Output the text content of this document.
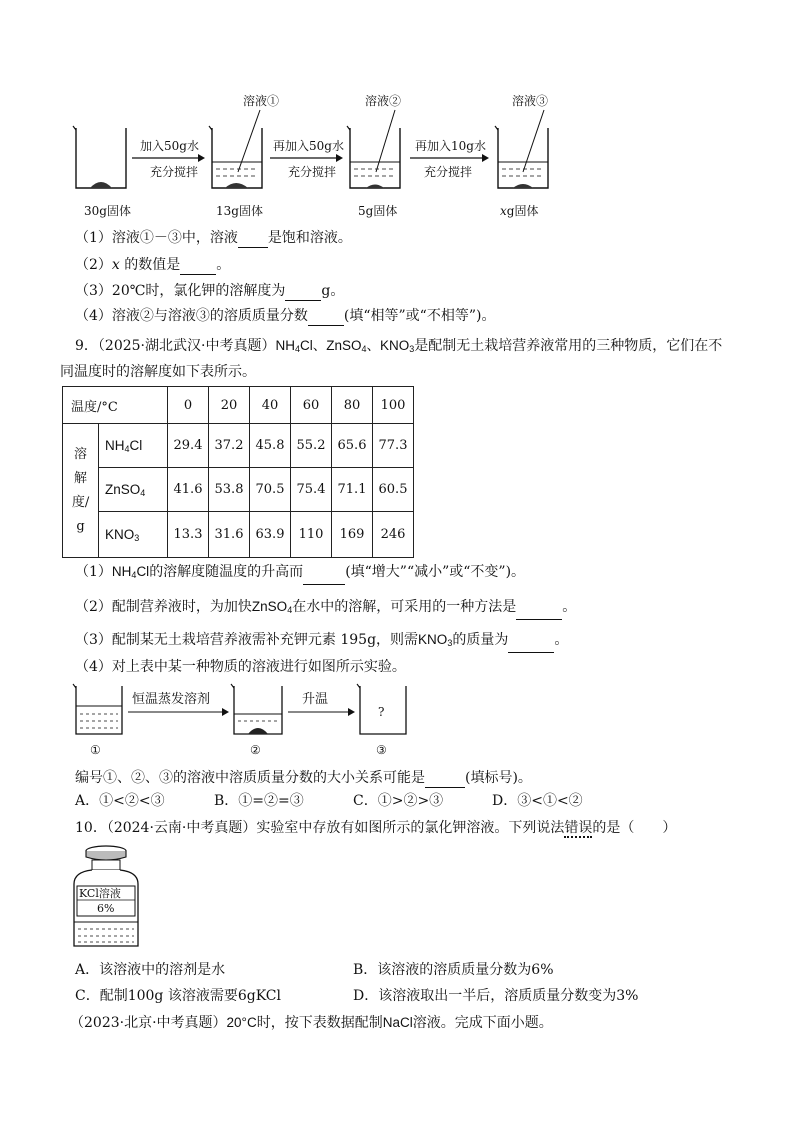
30g固体
加入50g水
充分搅拌
溶液①
13g固体
再加入50g水
充分搅拌
溶液②
5g固体
再加入10g水
充分搅拌
溶液③
xg固体
（1）溶液①－③中，溶液 是饱和溶液。
（2）x 的数值是	。
（3）20℃时，氯化钾的溶解度为	g。
（4）溶液②与溶液③的溶质质量分数	(填“相等”或“不相等”)。
9．（2025·湖北武汉·中考真题）$NH_4Cl$、ZnSO$_4$、$KNO_3$是配制无土栽培营养液常用的三种物质，它们在不
同温度时的溶解度如下表所示。
温度/°C		0	20	40	60	80	100

溶
解
度/
g	$NH_4Cl$	29.4	37.2	45.8	55.2	65.6	77.3
	ZnSO$_4$	41.6	53.8	70.5	75.4	71.1	60.5
	$KNO_3$	13.3	31.6	63.9	110	169	246
$(1)NH_4Cl$的溶解度随温度的升高而	(填“增大”“减小”或“不变”)。
（2）配制营养液时，为加快ZnSO$_4$在水中的溶解，可采用的一种方法是	。
（3）配制某无土栽培营养液需补充钾元素 195g，则需$KNO_3$的质量为	。
（4）对上表中某一种物质的溶液进行如图所示实验。
①
恒温蒸发溶剂
②
升温
?
③
编号①、②、③的溶液中溶质质量分数的大小关系可能是	(填标号)。
A．①<②<③	B．①=②=③	C．①>②>③	D．③<①<②
10．（2024·云南·中考真题）实验室中存放有如图所示的氯化钾溶液。下列说法错误的是（　　）
KCl溶液
6%
A．该溶液中的溶剂是水	B．该溶液的溶质质量分数为6%
C．配制100g 该溶液需要6gKCl	D．该溶液取出一半后，溶质质量分数变为3%
（2023·北京·中考真题）20°C时，按下表数据配制NaCl溶液。完成下面小题。
